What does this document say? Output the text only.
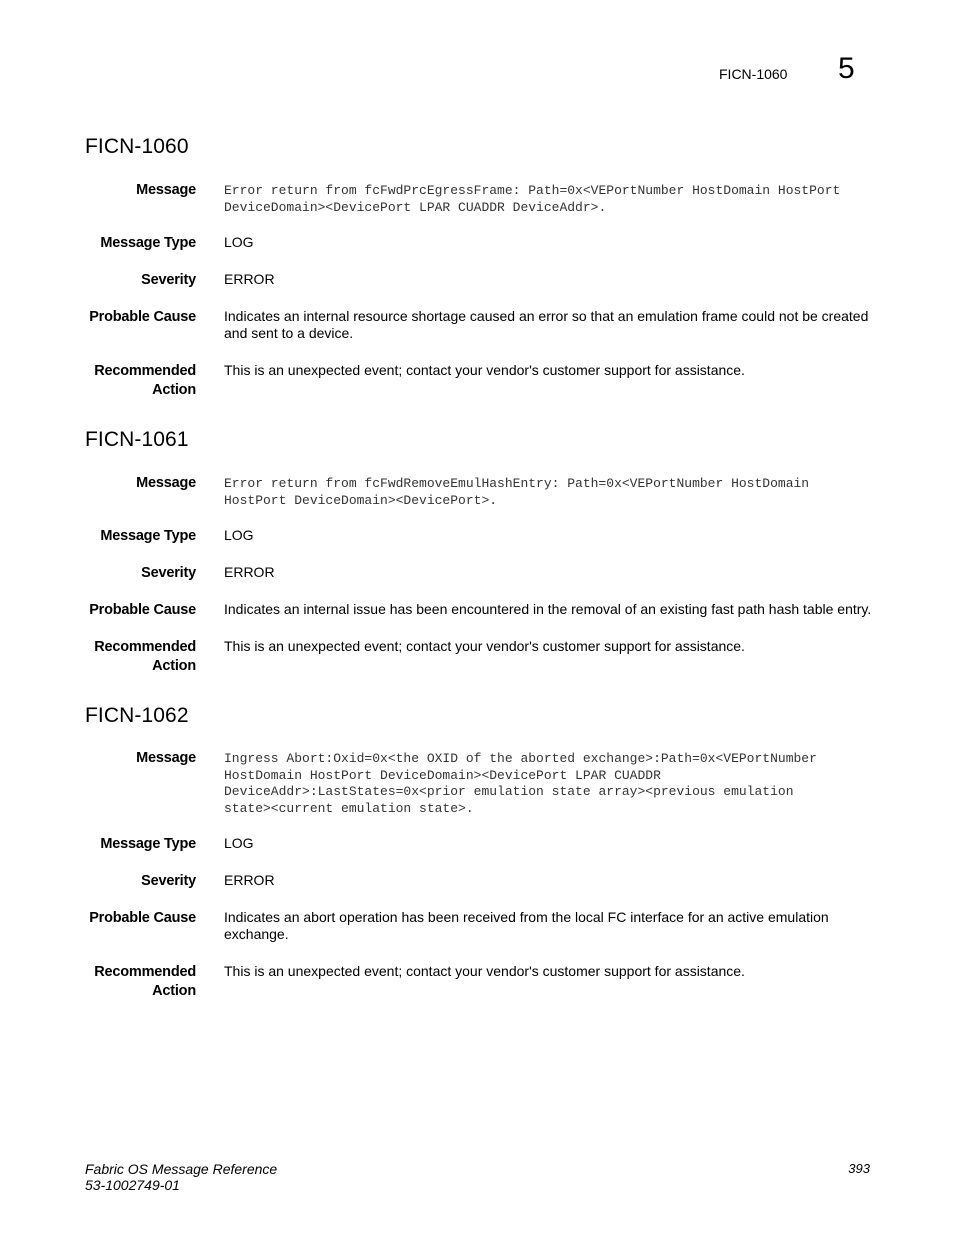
FICN-1060 5
FICN-1060
Message Error return from fcFwdPrcEgressFrame: Path=0x<VEPortNumber HostDomain HostPort
DeviceDomain><DevicePort LPAR CUADDR DeviceAddr>.
Message Type LOG
Severity ERROR
Probable Cause Indicates an internal resource shortage caused an error so that an emulation frame could not be created
and sent to a device.
Recommended
Action
This is an unexpected event; contact your vendor's customer support for assistance.
FICN-1061
Message Error return from fcFwdRemoveEmulHashEntry: Path=0x<VEPortNumber HostDomain
HostPort DeviceDomain><DevicePort>.
Message Type LOG
Severity ERROR
Probable Cause Indicates an internal issue has been encountered in the removal of an existing fast path hash table entry.
Recommended
Action
This is an unexpected event; contact your vendor's customer support for assistance.
FICN-1062
Message Ingress Abort:Oxid=0x<the OXID of the aborted exchange>:Path=0x<VEPortNumber
HostDomain HostPort DeviceDomain><DevicePort LPAR CUADDR
DeviceAddr>:LastStates=0x<prior emulation state array><previous emulation
state><current emulation state>.
Message Type LOG
Severity ERROR
Probable Cause Indicates an abort operation has been received from the local FC interface for an active emulation
exchange.
Recommended
Action
This is an unexpected event; contact your vendor's customer support for assistance.
Fabric OS Message Reference
53-1002749-01
393
